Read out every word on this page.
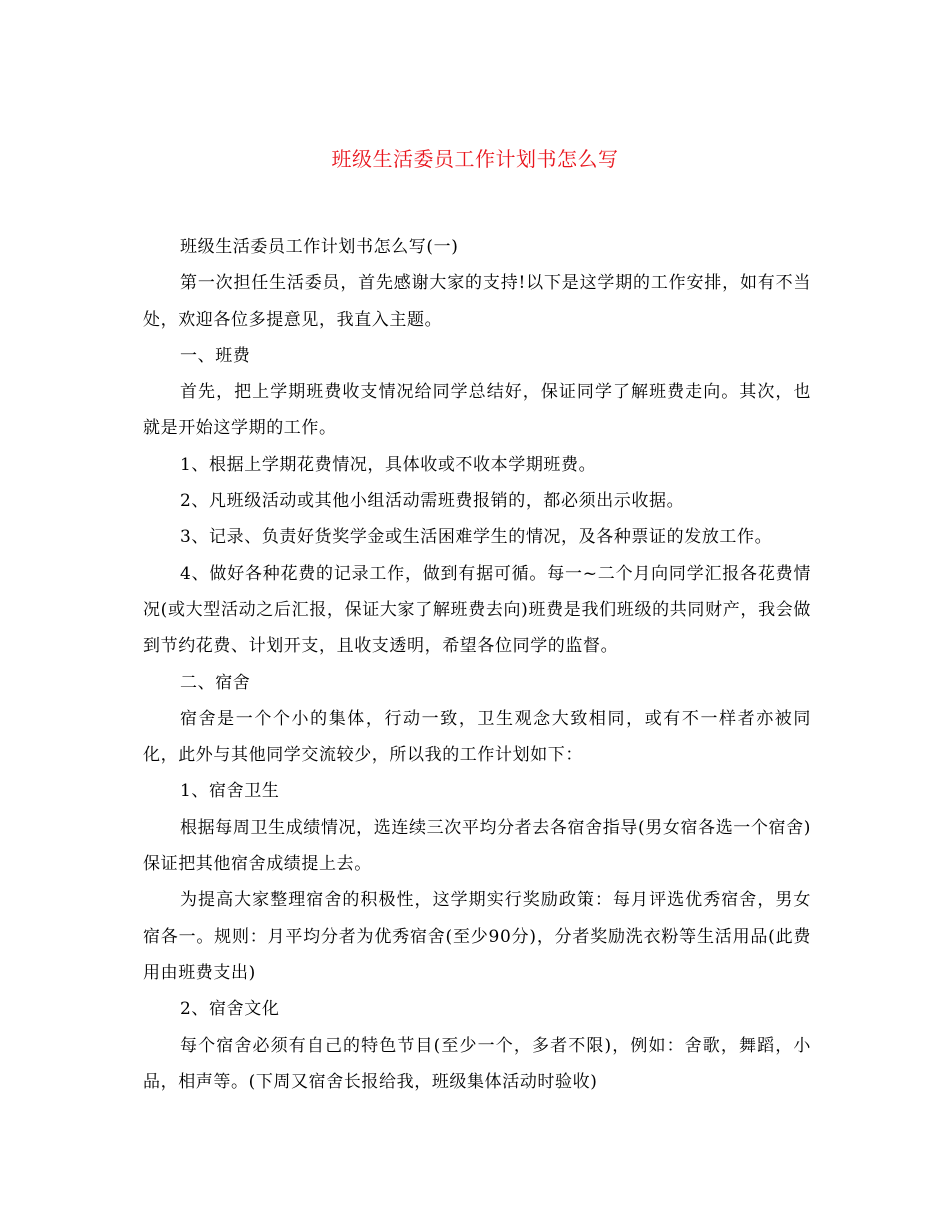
班级生活委员工作计划书怎么写

班级生活委员工作计划书怎么写(一)

第一次担任生活委员，首先感谢大家的支持!以下是这学期的工作安排，如有不当处，欢迎各位多提意见，我直入主题。

一、班费

首先，把上学期班费收支情况给同学总结好，保证同学了解班费走向。其次，也就是开始这学期的工作。

1、根据上学期花费情况，具体收或不收本学期班费。

2、凡班级活动或其他小组活动需班费报销的，都必须出示收据。

3、记录、负责好货奖学金或生活困难学生的情况，及各种票证的发放工作。

4、做好各种花费的记录工作，做到有据可循。每一~二个月向同学汇报各花费情况(或大型活动之后汇报，保证大家了解班费去向)班费是我们班级的共同财产，我会做到节约花费、计划开支，且收支透明，希望各位同学的监督。

二、宿舍

宿舍是一个个小的集体，行动一致，卫生观念大致相同，或有不一样者亦被同化，此外与其他同学交流较少，所以我的工作计划如下：

1、宿舍卫生

根据每周卫生成绩情况，选连续三次平均分者去各宿舍指导(男女宿各选一个宿舍)保证把其他宿舍成绩提上去。

为提高大家整理宿舍的积极性，这学期实行奖励政策：每月评选优秀宿舍，男女宿各一。规则：月平均分者为优秀宿舍(至少90分)，分者奖励洗衣粉等生活用品(此费用由班费支出)

2、宿舍文化

每个宿舍必须有自己的特色节目(至少一个，多者不限)，例如：舍歌，舞蹈，小品，相声等。(下周又宿舍长报给我，班级集体活动时验收)
